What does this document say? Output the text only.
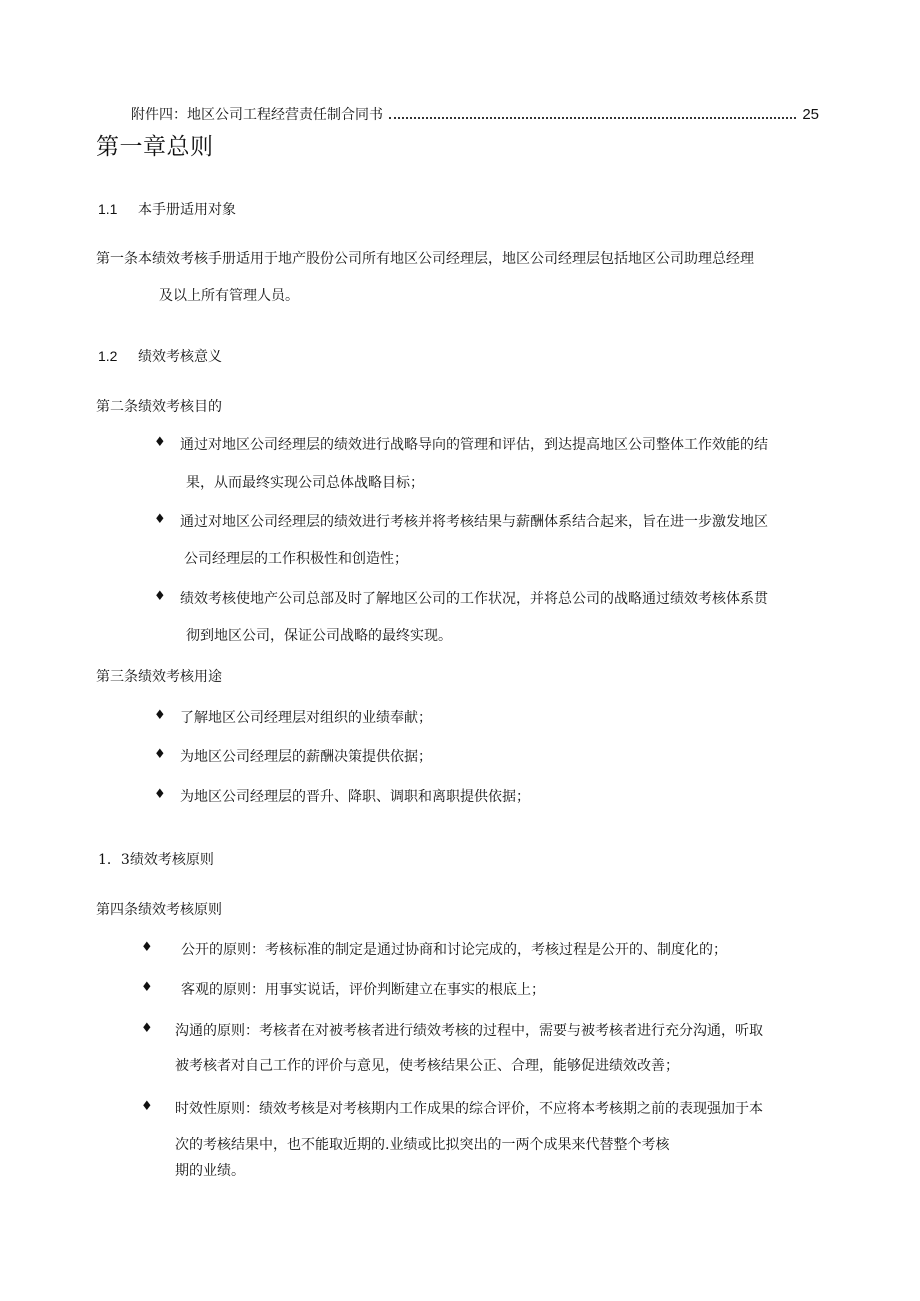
附件四：地区公司工程经营责任制合同书	25
第一章总则
1.1 本手册适用对象
第一条本绩效考核手册适用于地产股份公司所有地区公司经理层，地区公司经理层包括地区公司助理总经理
及以上所有管理人员。
1.2 绩效考核意义
第二条绩效考核目的
♦ 通过对地区公司经理层的绩效进行战略导向的管理和评估，到达提高地区公司整体工作效能的结
果，从而最终实现公司总体战略目标；
♦ 通过对地区公司经理层的绩效进行考核并将考核结果与薪酬体系结合起来，旨在进一步激发地区
公司经理层的工作积极性和创造性；
♦ 绩效考核使地产公司总部及时了解地区公司的工作状况，并将总公司的战略通过绩效考核体系贯
彻到地区公司，保证公司战略的最终实现。
第三条绩效考核用途
♦ 了解地区公司经理层对组织的业绩奉献；
♦ 为地区公司经理层的薪酬决策提供依据；
♦ 为地区公司经理层的晋升、降职、调职和离职提供依据；
1．3绩效考核原则
第四条绩效考核原则
♦ 公开的原则：考核标准的制定是通过协商和讨论完成的，考核过程是公开的、制度化的；
♦ 客观的原则：用事实说话，评价判断建立在事实的根底上；
♦ 沟通的原则：考核者在对被考核者进行绩效考核的过程中，需要与被考核者进行充分沟通，听取
被考核者对自己工作的评价与意见，使考核结果公正、合理，能够促进绩效改善；
♦ 时效性原则：绩效考核是对考核期内工作成果的综合评价，不应将本考核期之前的表现强加于本
次的考核结果中，也不能取近期的.业绩或比拟突出的一两个成果来代替整个考核
期的业绩。
